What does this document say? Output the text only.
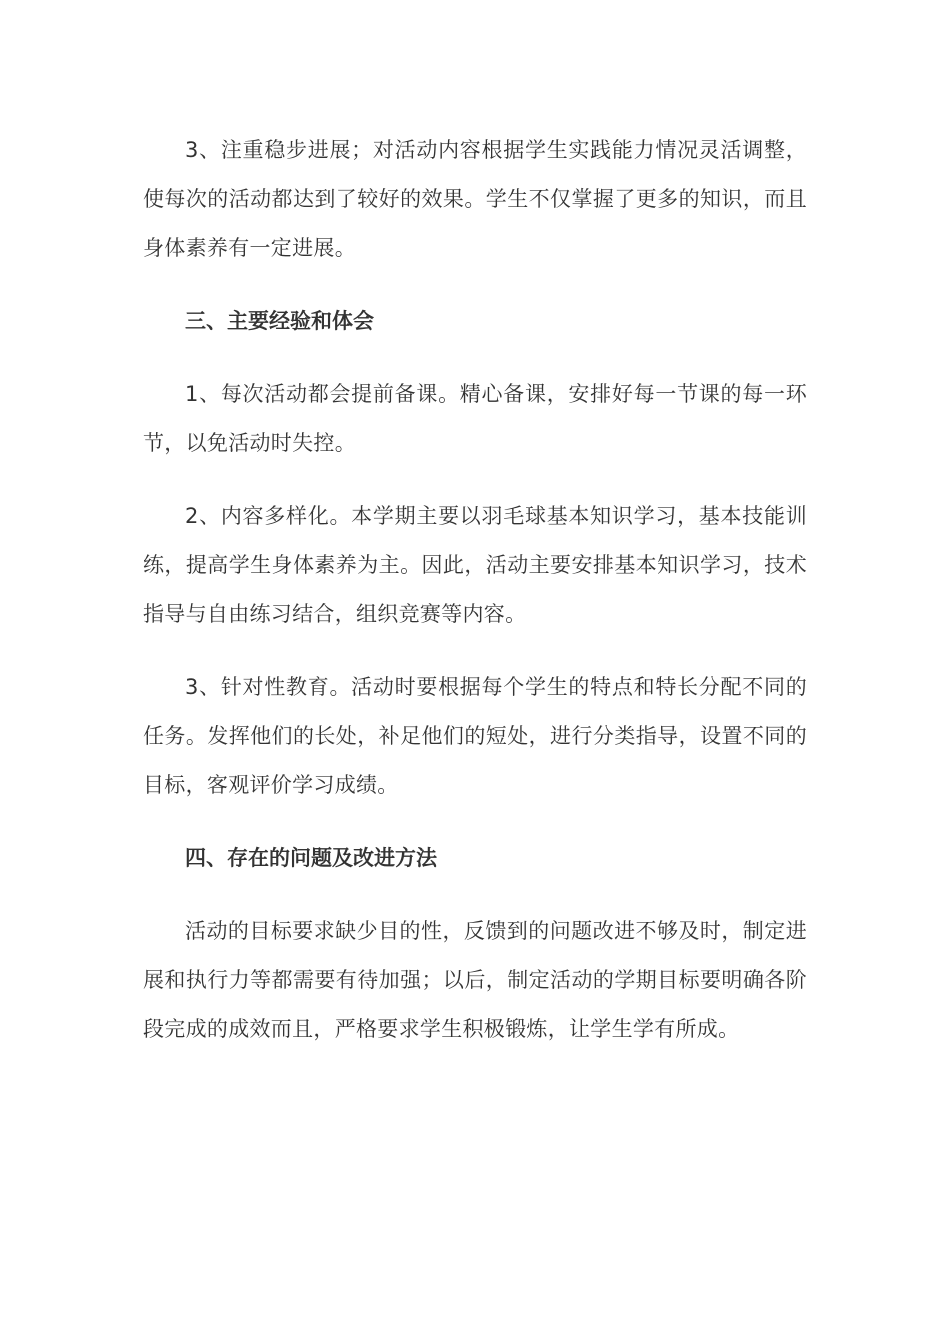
3、注重稳步进展；对活动内容根据学生实践能力情况灵活调整，使每次的活动都达到了较好的效果。学生不仅掌握了更多的知识，而且身体素养有一定进展。

三、主要经验和体会

1、每次活动都会提前备课。精心备课，安排好每一节课的每一环节，以免活动时失控。

2、内容多样化。本学期主要以羽毛球基本知识学习，基本技能训练，提高学生身体素养为主。因此，活动主要安排基本知识学习，技术指导与自由练习结合，组织竞赛等内容。

3、针对性教育。活动时要根据每个学生的特点和特长分配不同的任务。发挥他们的长处，补足他们的短处，进行分类指导，设置不同的目标，客观评价学习成绩。

四、存在的问题及改进方法

活动的目标要求缺少目的性，反馈到的问题改进不够及时，制定进展和执行力等都需要有待加强；以后，制定活动的学期目标要明确各阶段完成的成效而且，严格要求学生积极锻炼，让学生学有所成。
